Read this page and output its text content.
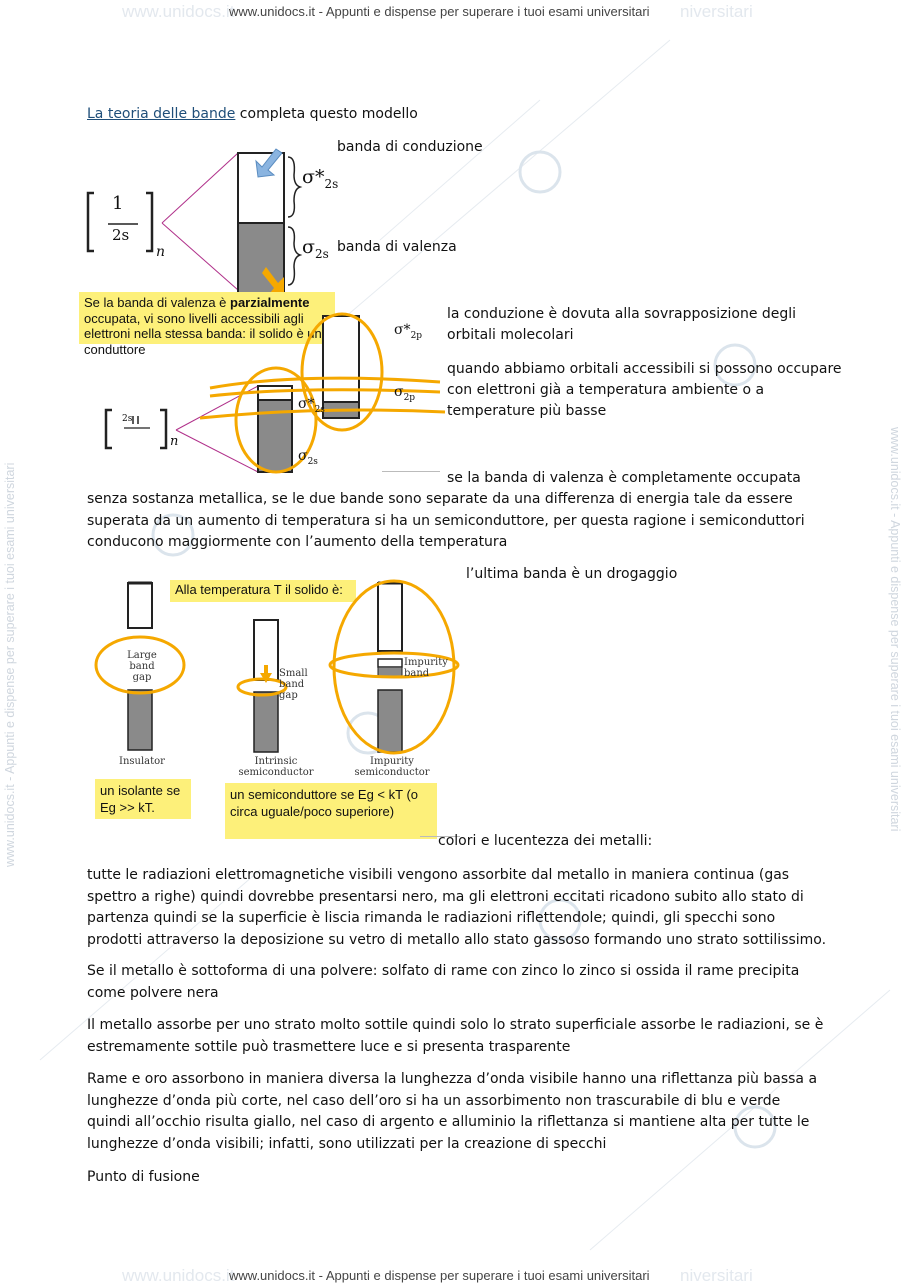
www.unidocs.it	niversitari
www.unidocs.it - Appunti e dispense per superare i tuoi esami universitari
www.unidocs.it	niversitari
www.unidocs.it - Appunti e dispense per superare i tuoi esami universitari
www.unidocs.it - Appunti e dispense per superare i tuoi esami universitari	www.unidocs.it - Appunti e dispense per superare i tuoi esami universitari
La teoria delle bande completa questo modello
1
2s
n
$\sigma*_{2s}$
$\sigma_{2s}$
banda di conduzione
banda di valenza
Se la banda di valenza è parzialmente occupata, vi sono livelli accessibili agli elettroni nella stessa banda: il solido è un conduttore
2s
n
$\sigma*_{2p}$
$\sigma_{2p}$
$\sigma*_{2s}$
$\sigma_{2s}$
la conduzione è dovuta alla sovrapposizione degli orbitali molecolari
quando abbiamo orbitali accessibili si possono occupare con elettroni già a temperatura ambiente o a temperature più basse
se la banda di valenza è completamente occupata
senza sostanza metallica, se le due bande sono separate da una differenza di energia tale da essere superata da un aumento di temperatura si ha un semiconduttore, per questa ragione i semiconduttori conducono maggiormente con l’aumento della temperatura
Alla temperatura T il solido è:
Large band gap	Small band gap
Impurity band
Insulator	Intrinsic semiconductor
Impurity semiconductor
un isolante se Eg >> kT.
un semiconduttore se Eg < kT (o circa uguale/poco superiore)
l’ultima banda è un drogaggio
colori e lucentezza dei metalli:
tutte le radiazioni elettromagnetiche visibili vengono assorbite dal metallo in maniera continua (gas spettro a righe) quindi dovrebbe presentarsi nero, ma gli elettroni eccitati ricadono subito allo stato di partenza quindi se la superficie è liscia rimanda le radiazioni riflettendole; quindi, gli specchi sono prodotti attraverso la deposizione su vetro di metallo allo stato gassoso formando uno strato sottilissimo.
Se il metallo è sottoforma di una polvere: solfato di rame con zinco lo zinco si ossida il rame precipita come polvere nera
Il metallo assorbe per uno strato molto sottile quindi solo lo strato superficiale assorbe le radiazioni, se è estremamente sottile può trasmettere luce e si presenta trasparente
Rame e oro assorbono in maniera diversa la lunghezza d’onda visibile hanno una riflettanza più bassa a lunghezze d’onda più corte, nel caso dell’oro si ha un assorbimento non trascurabile di blu e verde quindi all’occhio risulta giallo, nel caso di argento e alluminio la riflettanza si mantiene alta per tutte le lunghezze d’onda visibili; infatti, sono utilizzati per la creazione di specchi
Punto di fusione
